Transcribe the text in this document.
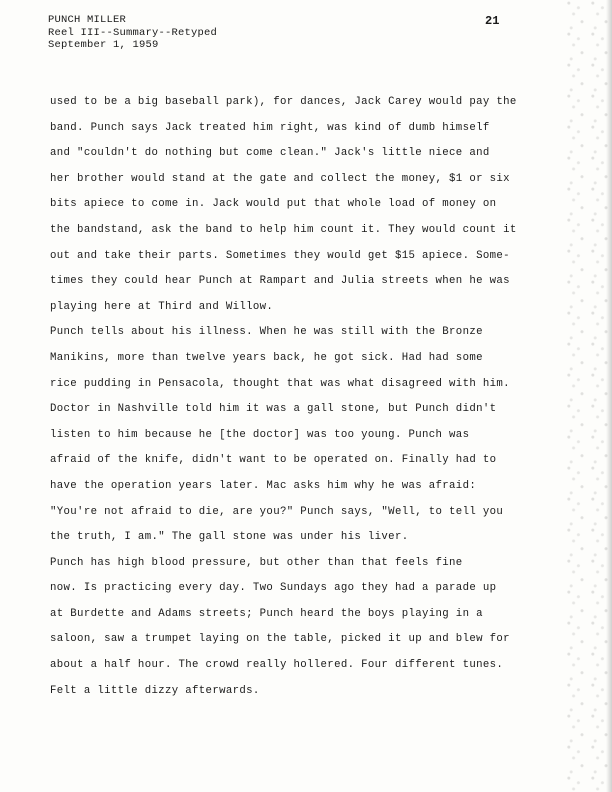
PUNCH MILLER
Reel III--Summary--Retyped
September 1, 1959
21
used to be a big baseball park), for dances, Jack Carey would pay the
band. Punch says Jack treated him right, was kind of dumb himself
and "couldn't do nothing but come clean." Jack's little niece and
her brother would stand at the gate and collect the money, $1 or six
bits apiece to come in. Jack would put that whole load of money on
the bandstand, ask the band to help him count it. They would count it
out and take their parts. Sometimes they would get $15 apiece. Some-
times they could hear Punch at Rampart and Julia streets when he was
playing here at Third and Willow.
Punch tells about his illness. When he was still with the Bronze
Manikins, more than twelve years back, he got sick. Had had some
rice pudding in Pensacola, thought that was what disagreed with him.
Doctor in Nashville told him it was a gall stone, but Punch didn't
listen to him because he [the doctor] was too young. Punch was
afraid of the knife, didn't want to be operated on. Finally had to
have the operation years later. Mac asks him why he was afraid:
"You're not afraid to die, are you?" Punch says, "Well, to tell you
the truth, I am." The gall stone was under his liver.
Punch has high blood pressure, but other than that feels fine
now. Is practicing every day. Two Sundays ago they had a parade up
at Burdette and Adams streets; Punch heard the boys playing in a
saloon, saw a trumpet laying on the table, picked it up and blew for
about a half hour. The crowd really hollered. Four different tunes.
Felt a little dizzy afterwards.
